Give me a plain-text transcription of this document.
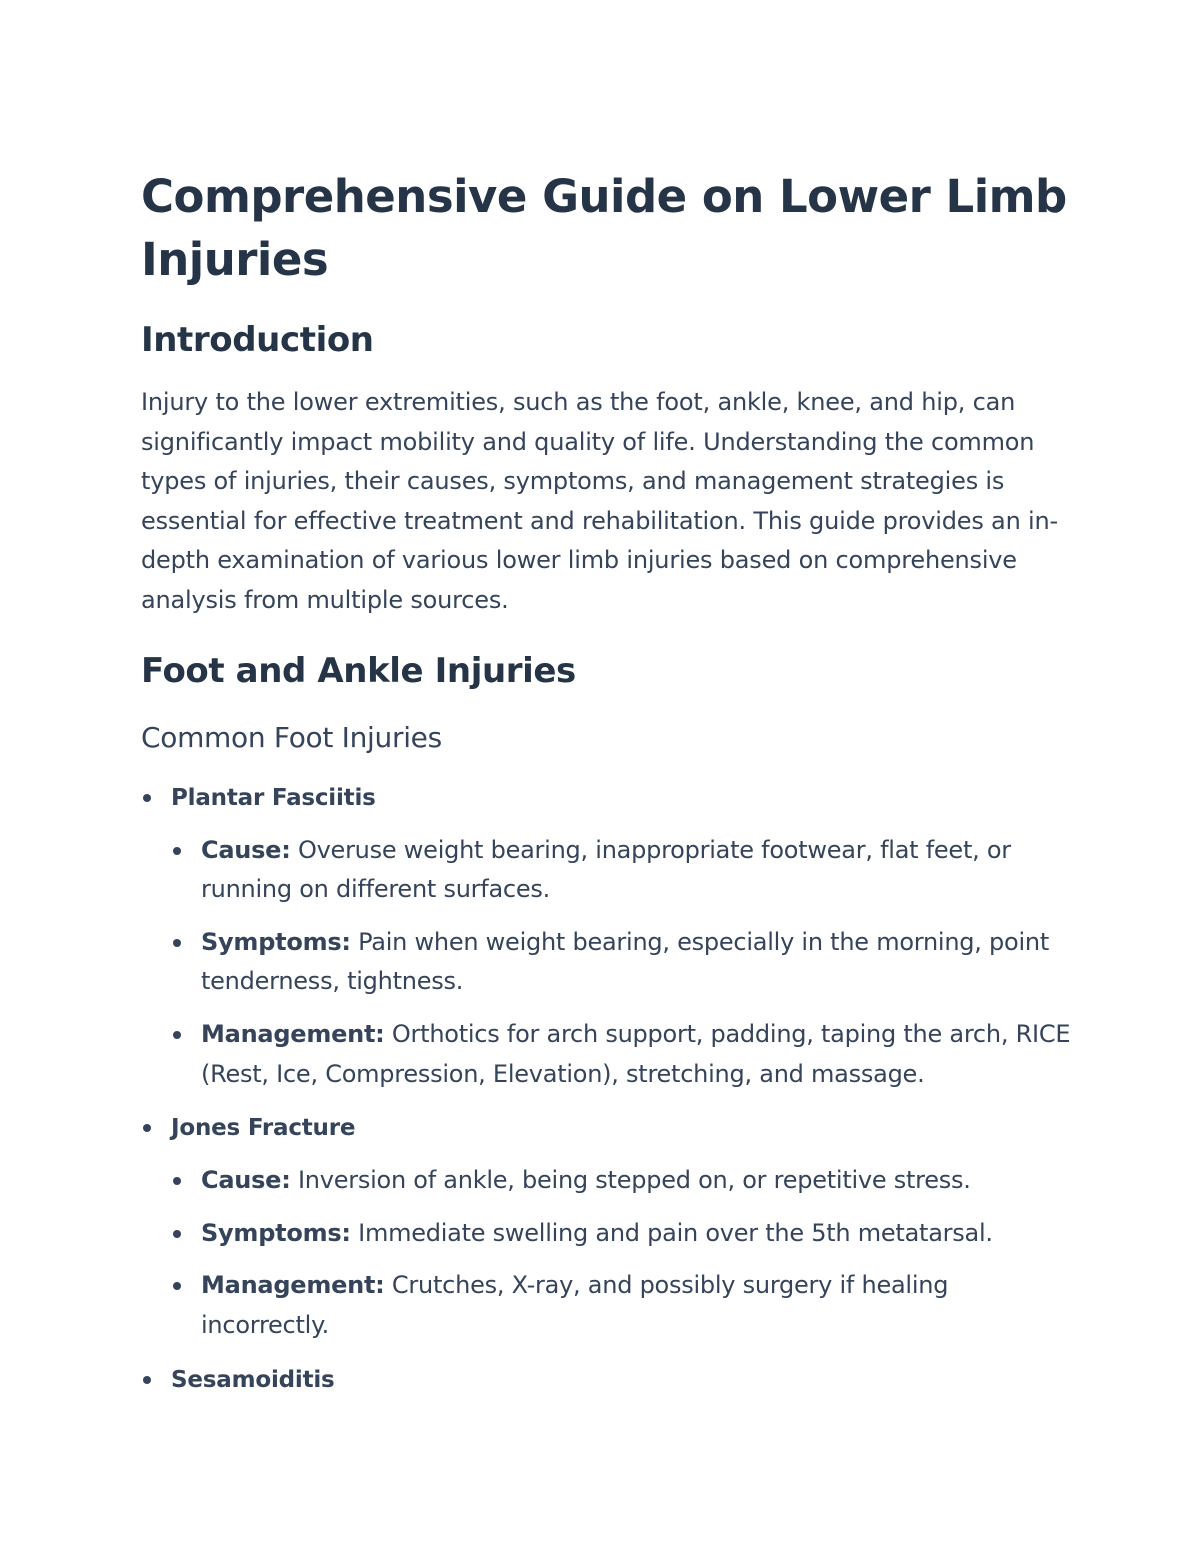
Comprehensive Guide on Lower Limb Injuries
Introduction

Injury to the lower extremities, such as the foot, ankle, knee, and hip, can significantly impact mobility and quality of life. Understanding the common types of injuries, their causes, symptoms, and management strategies is essential for effective treatment and rehabilitation. This guide provides an in-depth examination of various lower limb injuries based on comprehensive analysis from multiple sources.

Foot and Ankle Injuries
Common Foot Injuries
Plantar Fasciitis
Cause: Overuse weight bearing, inappropriate footwear, flat feet, or running on different surfaces.
Symptoms: Pain when weight bearing, especially in the morning, point tenderness, tightness.
Management: Orthotics for arch support, padding, taping the arch, RICE (Rest, Ice, Compression, Elevation), stretching, and massage.
Jones Fracture
Cause: Inversion of ankle, being stepped on, or repetitive stress.
Symptoms: Immediate swelling and pain over the 5th metatarsal.
Management: Crutches, X-ray, and possibly surgery if healing incorrectly.
Sesamoiditis
